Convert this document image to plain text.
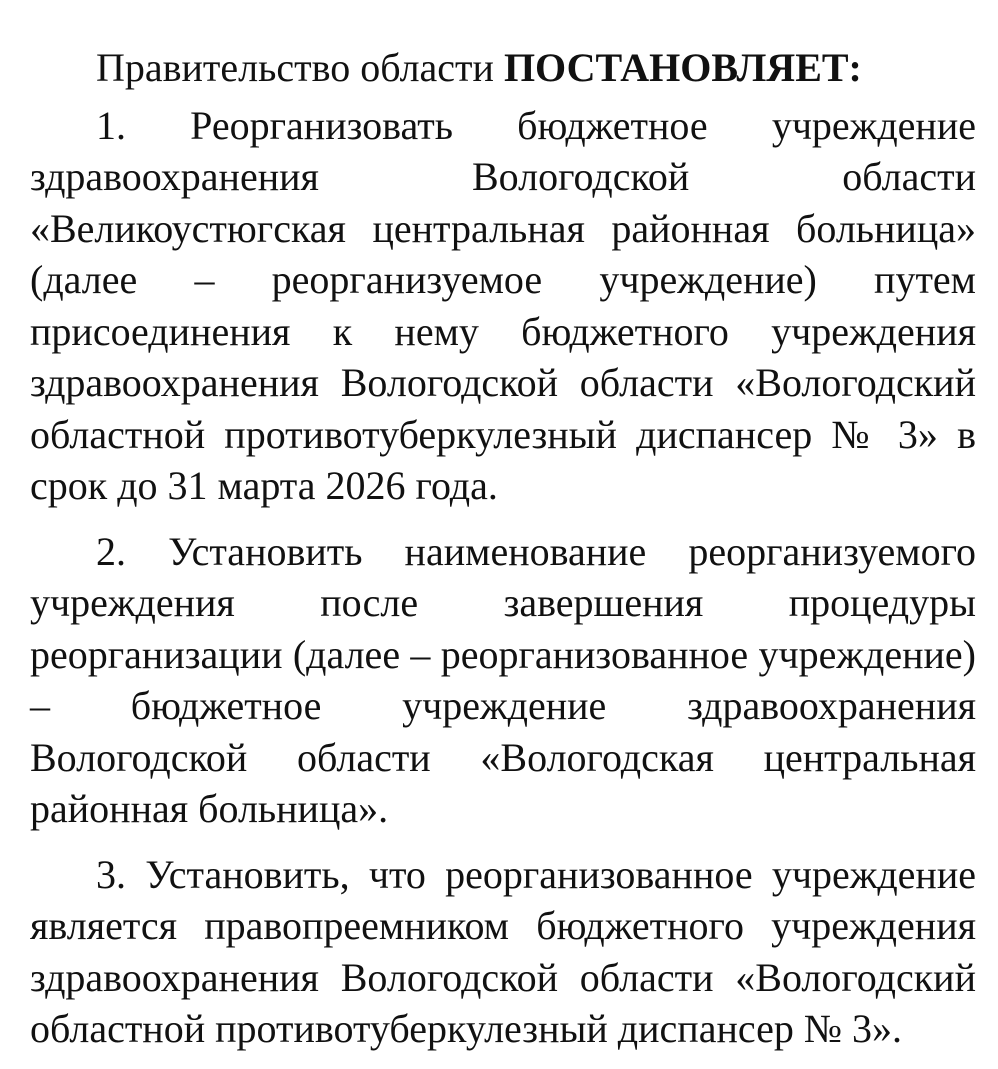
Правительство области ПОСТАНОВЛЯЕТ:

1. Реорганизовать бюджетное учреждение здравоохранения Вологодской области «Великоустюгская центральная районная больница» (далее – реорганизуемое учреждение) путем присоединения к нему бюджетного учреждения здравоохранения Вологодской области «Вологодский областной противотуберкулезный диспансер № 3» в срок до 31 марта 2026 года.

2. Установить наименование реорганизуемого учреждения после завершения процедуры реорганизации (далее – реорганизованное учреждение) – бюджетное учреждение здравоохранения Вологодской области «Вологодская центральная районная больница».

3. Установить, что реорганизованное учреждение является правопреемником бюджетного учреждения здравоохранения Вологодской области «Вологодский областной противотуберкулезный диспансер № 3».
